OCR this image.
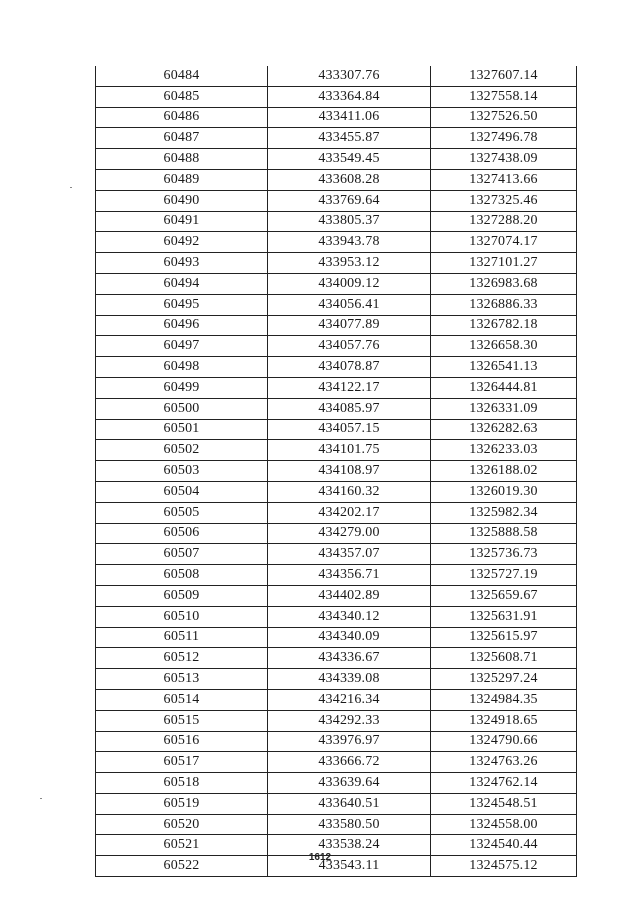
60484	433307.76	1327607.14
60485	433364.84	1327558.14
60486	433411.06	1327526.50
60487	433455.87	1327496.78
60488	433549.45	1327438.09
60489	433608.28	1327413.66
60490	433769.64	1327325.46
60491	433805.37	1327288.20
60492	433943.78	1327074.17
60493	433953.12	1327101.27
60494	434009.12	1326983.68
60495	434056.41	1326886.33
60496	434077.89	1326782.18
60497	434057.76	1326658.30
60498	434078.87	1326541.13
60499	434122.17	1326444.81
60500	434085.97	1326331.09
60501	434057.15	1326282.63
60502	434101.75	1326233.03
60503	434108.97	1326188.02
60504	434160.32	1326019.30
60505	434202.17	1325982.34
60506	434279.00	1325888.58
60507	434357.07	1325736.73
60508	434356.71	1325727.19
60509	434402.89	1325659.67
60510	434340.12	1325631.91
60511	434340.09	1325615.97
60512	434336.67	1325608.71
60513	434339.08	1325297.24
60514	434216.34	1324984.35
60515	434292.33	1324918.65
60516	433976.97	1324790.66
60517	433666.72	1324763.26
60518	433639.64	1324762.14
60519	433640.51	1324548.51
60520	433580.50	1324558.00
60521	433538.24	1324540.44
60522	433543.11	1324575.12
1612
